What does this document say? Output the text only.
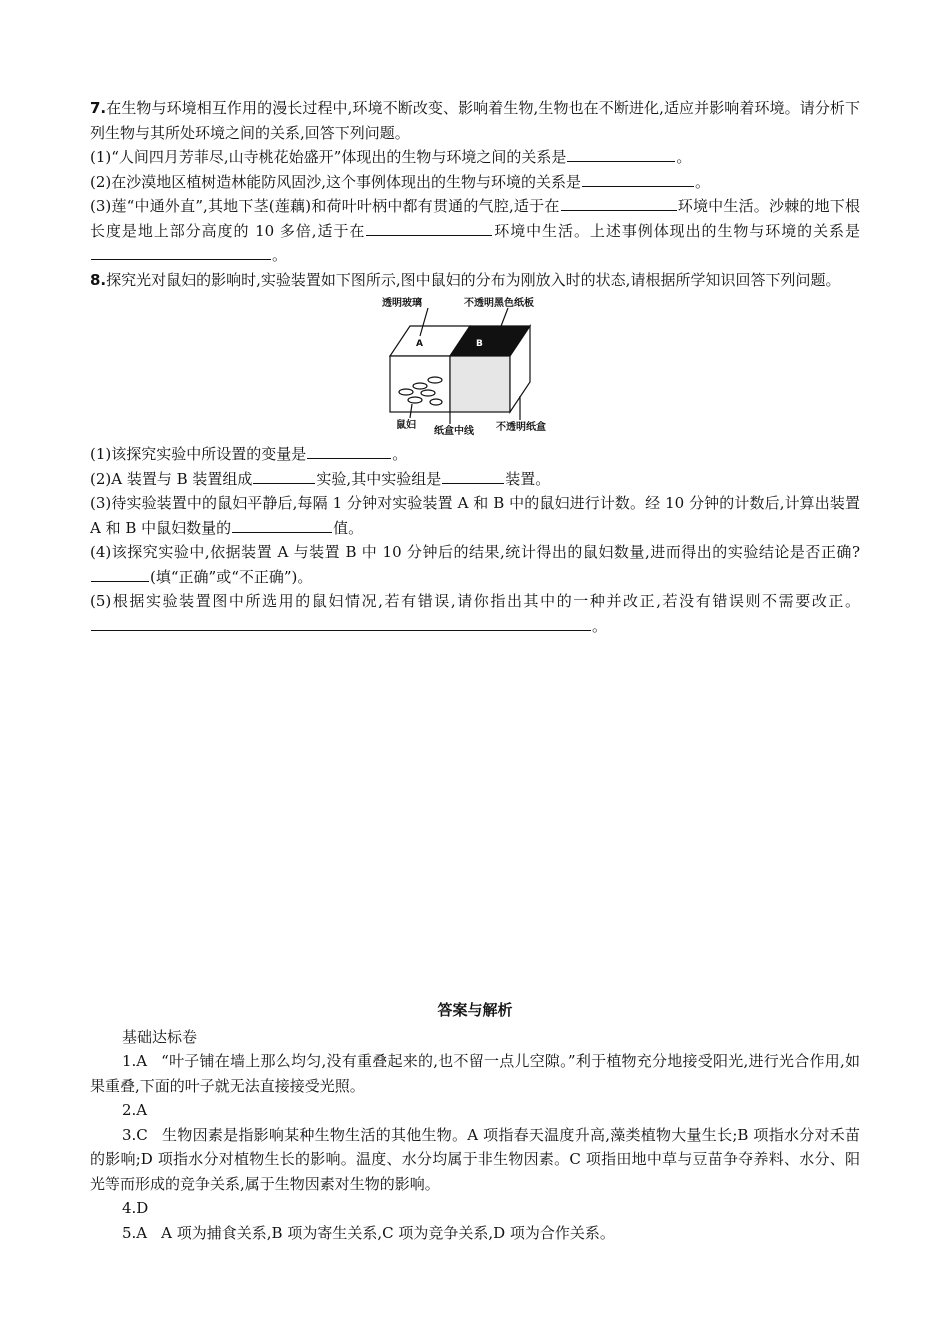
7.在生物与环境相互作用的漫长过程中,环境不断改变、影响着生物,生物也在不断进化,适应并影响着环境。请分析下列生物与其所处环境之间的关系,回答下列问题。

(1)“人间四月芳菲尽,山寺桃花始盛开”体现出的生物与环境之间的关系是	。

(2)在沙漠地区植树造林能防风固沙,这个事例体现出的生物与环境的关系是	。

(3)莲“中通外直”,其地下茎(莲藕)和荷叶叶柄中都有贯通的气腔,适于在	环境中生活。沙棘的地下根长度是地上部分高度的 10 多倍,适于在	环境中生活。上述事例体现出的生物与环境的关系是。

8.探究光对鼠妇的影响时,实验装置如下图所示,图中鼠妇的分布为刚放入时的状态,请根据所学知识回答下列问题。

透明玻璃	不透明黑色纸板
A	B
鼠妇
纸盒中线 不透明纸盒

(1)该探究实验中所设置的变量是	。

(2)A 装置与 B 装置组成	实验,其中实验组是	装置。

(3)待实验装置中的鼠妇平静后,每隔 1 分钟对实验装置 A 和 B 中的鼠妇进行计数。经 10 分钟的计数后,计算出装置 A 和 B 中鼠妇数量的	值。

(4)该探究实验中,依据装置 A 与装置 B 中 10 分钟后的结果,统计得出的鼠妇数量,进而得出的实验结论是否正确?(填“正确”或“不正确”)。

(5)根据实验装置图中所选用的鼠妇情况,若有错误,请你指出其中的一种并改正,若没有错误则不需要改正。。

答案与解析

基础达标卷

1.A “叶子铺在墙上那么均匀,没有重叠起来的,也不留一点儿空隙。”利于植物充分地接受阳光,进行光合作用,如果重叠,下面的叶子就无法直接接受光照。

2.A

3.C 生物因素是指影响某种生物生活的其他生物。A 项指春天温度升高,藻类植物大量生长;B 项指水分对禾苗的影响;D 项指水分对植物生长的影响。温度、水分均属于非生物因素。C 项指田地中草与豆苗争夺养料、水分、阳光等而形成的竞争关系,属于生物因素对生物的影响。

4.D

5.A A 项为捕食关系,B 项为寄生关系,C 项为竞争关系,D 项为合作关系。
